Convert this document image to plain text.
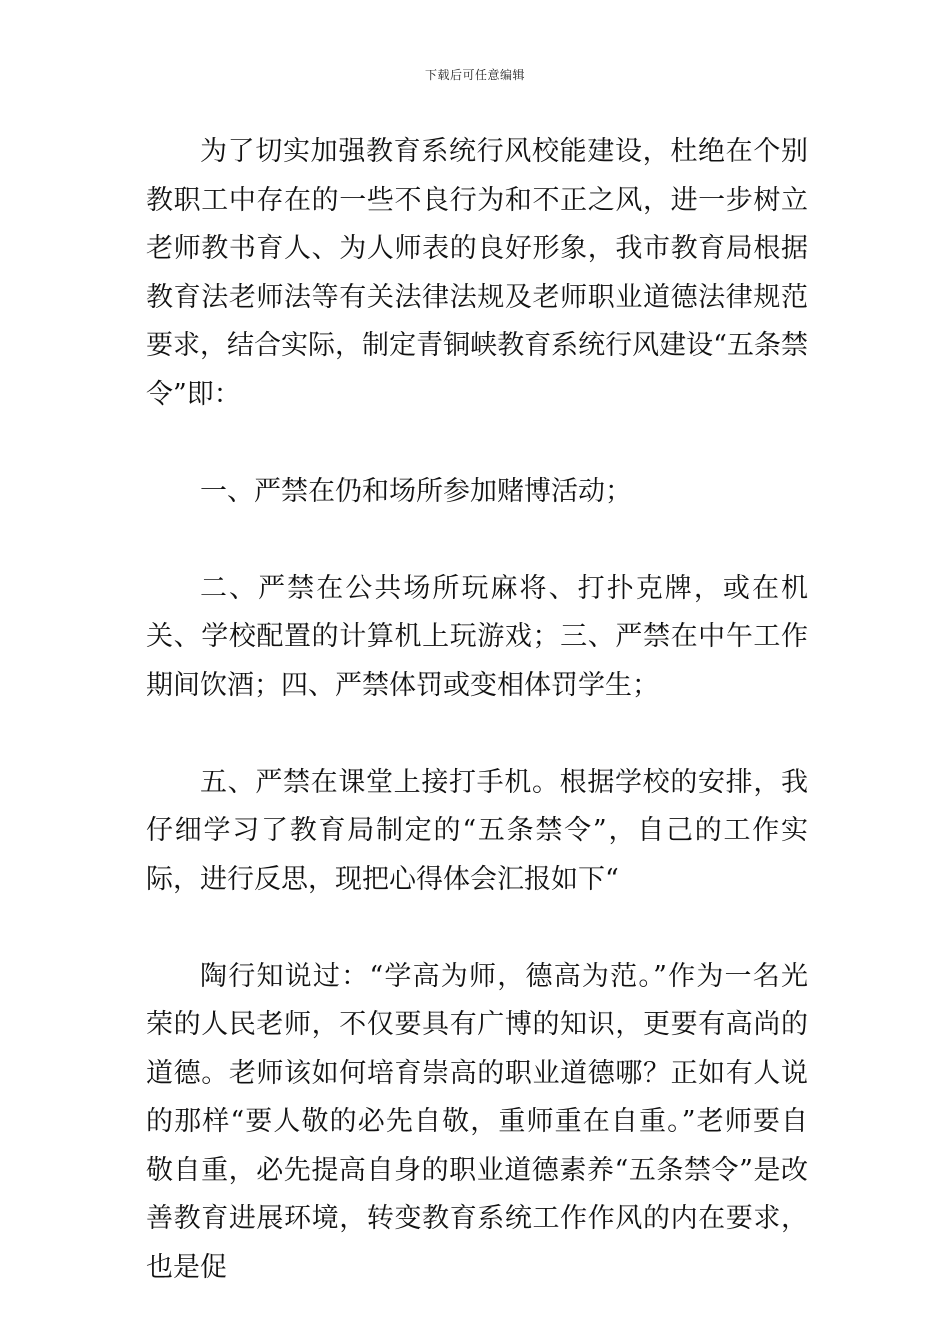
下载后可任意编辑

为了切实加强教育系统行风校能建设，杜绝在个别教职工中存在的一些不良行为和不正之风，进一步树立老师教书育人、为人师表的良好形象，我市教育局根据教育法老师法等有关法律法规及老师职业道德法律规范要求，结合实际，制定青铜峡教育系统行风建设“五条禁令”即：

一、严禁在仍和场所参加赌博活动；

二、严禁在公共场所玩麻将、打扑克牌，或在机关、学校配置的计算机上玩游戏；三、严禁在中午工作期间饮酒；四、严禁体罚或变相体罚学生；

五、严禁在课堂上接打手机。根据学校的安排，我仔细学习了教育局制定的“五条禁令”，自己的工作实际，进行反思，现把心得体会汇报如下“

陶行知说过：“学高为师，德高为范。”作为一名光荣的人民老师，不仅要具有广博的知识，更要有高尚的道德。老师该如何培育崇高的职业道德哪？正如有人说的那样“要人敬的必先自敬，重师重在自重。”老师要自敬自重，必先提高自身的职业道德素养“五条禁令”是改善教育进展环境，转变教育系统工作作风的内在要求，也是促
